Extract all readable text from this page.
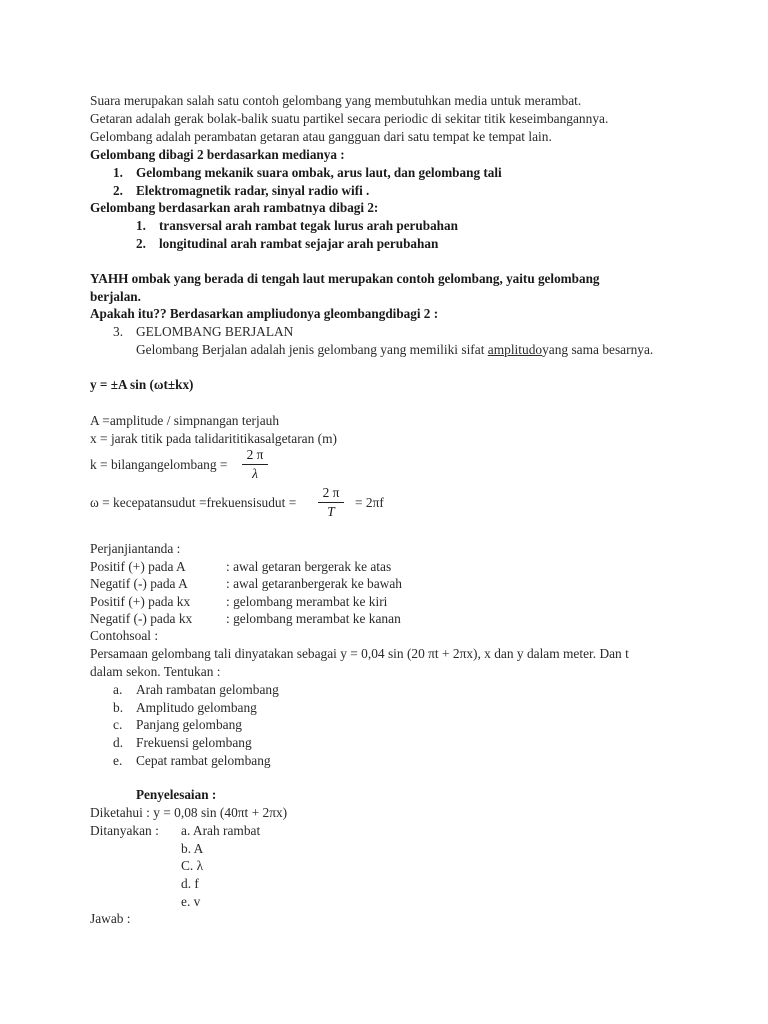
Suara merupakan salah satu contoh gelombang yang membutuhkan media untuk merambat.
Getaran adalah gerak bolak-balik suatu partikel secara periodic di sekitar titik keseimbangannya.
Gelombang adalah perambatan getaran atau gangguan dari satu tempat ke tempat lain.
Gelombang dibagi 2 berdasarkan medianya :
1. Gelombang mekanik suara ombak, arus laut, dan gelombang tali
2. Elektromagnetik radar, sinyal radio wifi .
Gelombang berdasarkan arah rambatnya dibagi 2:
1. transversal arah rambat tegak lurus arah perubahan
2. longitudinal arah rambat sejajar arah perubahan
YAHH ombak yang berada di tengah laut merupakan contoh gelombang, yaitu gelombang
berjalan.
Apakah itu?? Berdasarkan ampliudonya gleombangdibagi 2 :
3. GELOMBANG BERJALAN
Gelombang Berjalan adalah jenis gelombang yang memiliki sifat amplitudoyang sama besarnya.
y = ±A sin (ωt±kx)
A =amplitude / simpnangan terjauh
x = jarak titik pada talidarititikasalgetaran (m)
k = bilangangelombang =
2 π
λ
ω = kecepatansudut =frekuensisudut =
2 π
T
= 2πf
Perjanjiantanda :
Positif (+) pada A	: awal getaran bergerak ke atas
Negatif (-) pada A	: awal getaranbergerak ke bawah
Positif (+) pada kx	: gelombang merambat ke kiri
Negatif (-) pada kx	: gelombang merambat ke kanan
Contohsoal :
Persamaan gelombang tali dinyatakan sebagai y = 0,04 sin (20 πt + 2πx), x dan y dalam meter. Dan t
dalam sekon. Tentukan :
a. Arah rambatan gelombang
b. Amplitudo gelombang
c. Panjang gelombang
d. Frekuensi gelombang
e. Cepat rambat gelombang
Penyelesaian :
Diketahui : y = 0,08 sin (40πt + 2πx)
Ditanyakan : a. Arah rambat
b. A
C. λ
d. f
e. v
Jawab :
